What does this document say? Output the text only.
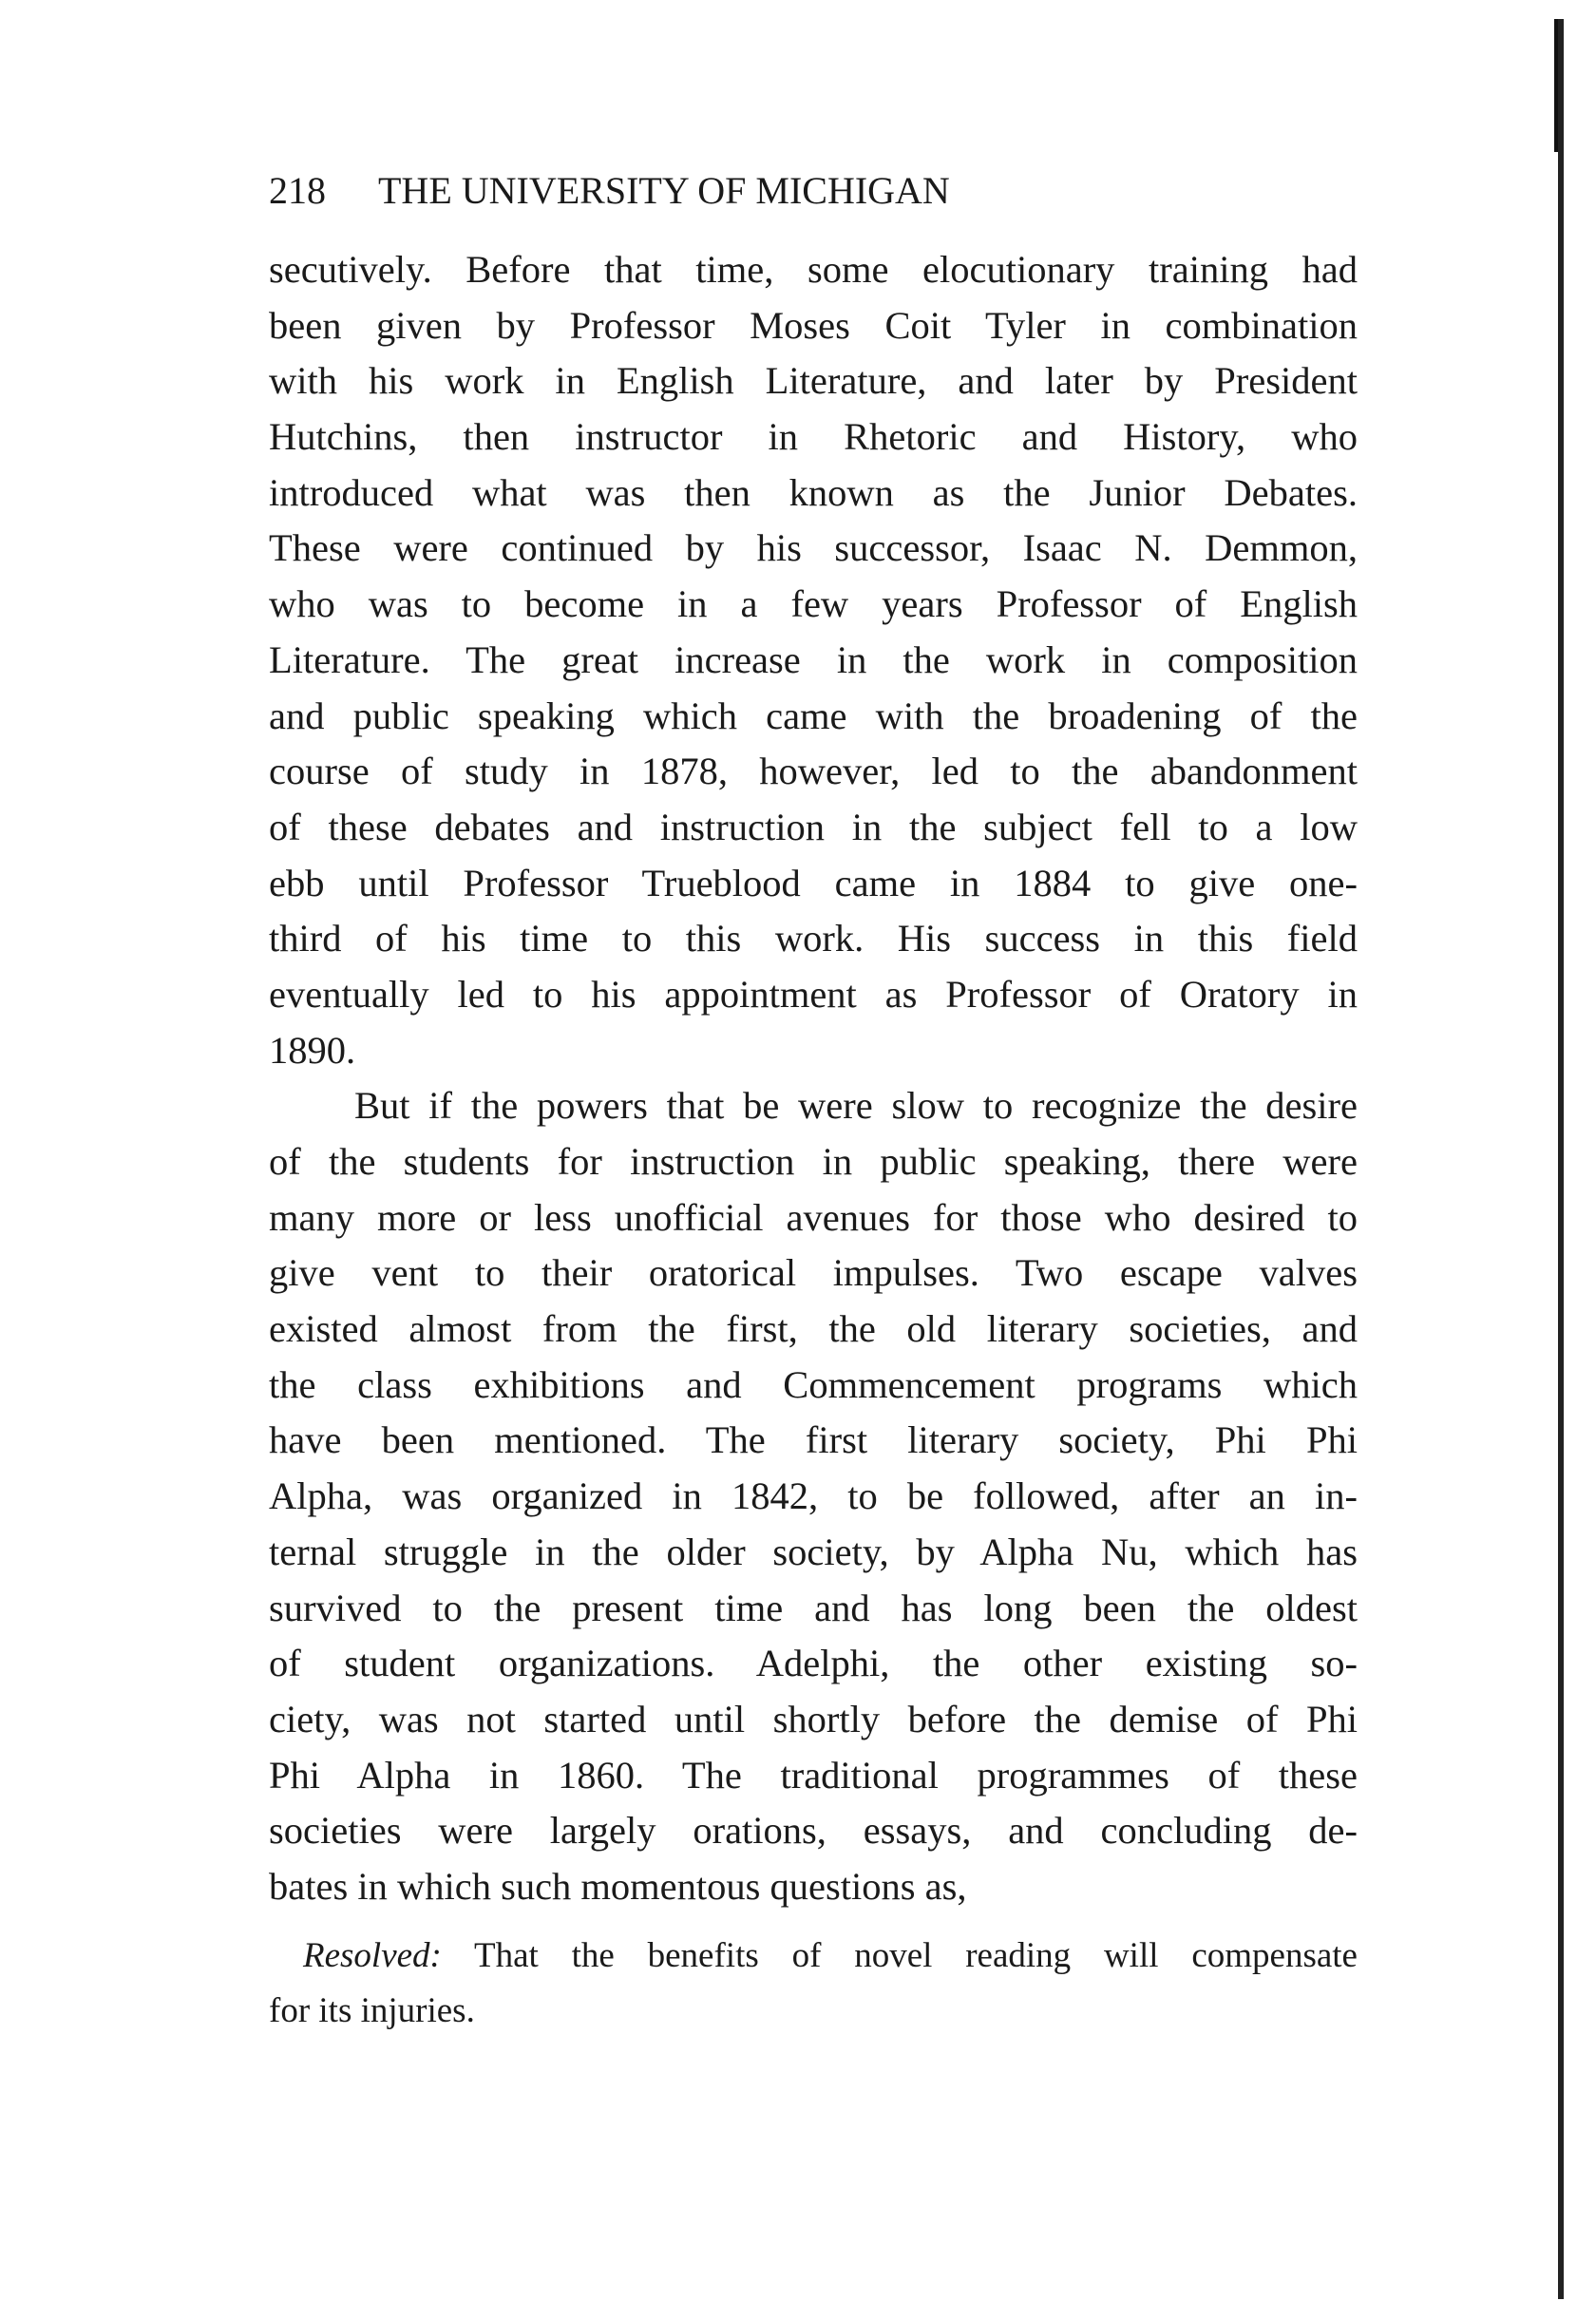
218 THE UNIVERSITY OF MICHIGAN
secutively. Before that time, some elocutionary training had
been given by Professor Moses Coit Tyler in combination
with his work in English Literature, and later by President
Hutchins, then instructor in Rhetoric and History, who
introduced what was then known as the Junior Debates.
These were continued by his successor, Isaac N. Demmon,
who was to become in a few years Professor of English
Literature. The great increase in the work in composition
and public speaking which came with the broadening of the
course of study in 1878, however, led to the abandonment
of these debates and instruction in the subject fell to a low
ebb until Professor Trueblood came in 1884 to give one-
third of his time to this work. His success in this field
eventually led to his appointment as Professor of Oratory in
1890.
But if the powers that be were slow to recognize the desire
of the students for instruction in public speaking, there were
many more or less unofficial avenues for those who desired to
give vent to their oratorical impulses. Two escape valves
existed almost from the first, the old literary societies, and
the class exhibitions and Commencement programs which
have been mentioned. The first literary society, Phi Phi
Alpha, was organized in 1842, to be followed, after an in-
ternal struggle in the older society, by Alpha Nu, which has
survived to the present time and has long been the oldest
of student organizations. Adelphi, the other existing so-
ciety, was not started until shortly before the demise of Phi
Phi Alpha in 1860. The traditional programmes of these
societies were largely orations, essays, and concluding de-
bates in which such momentous questions as,
Resolved: That the benefits of novel reading will compensate
for its injuries.
